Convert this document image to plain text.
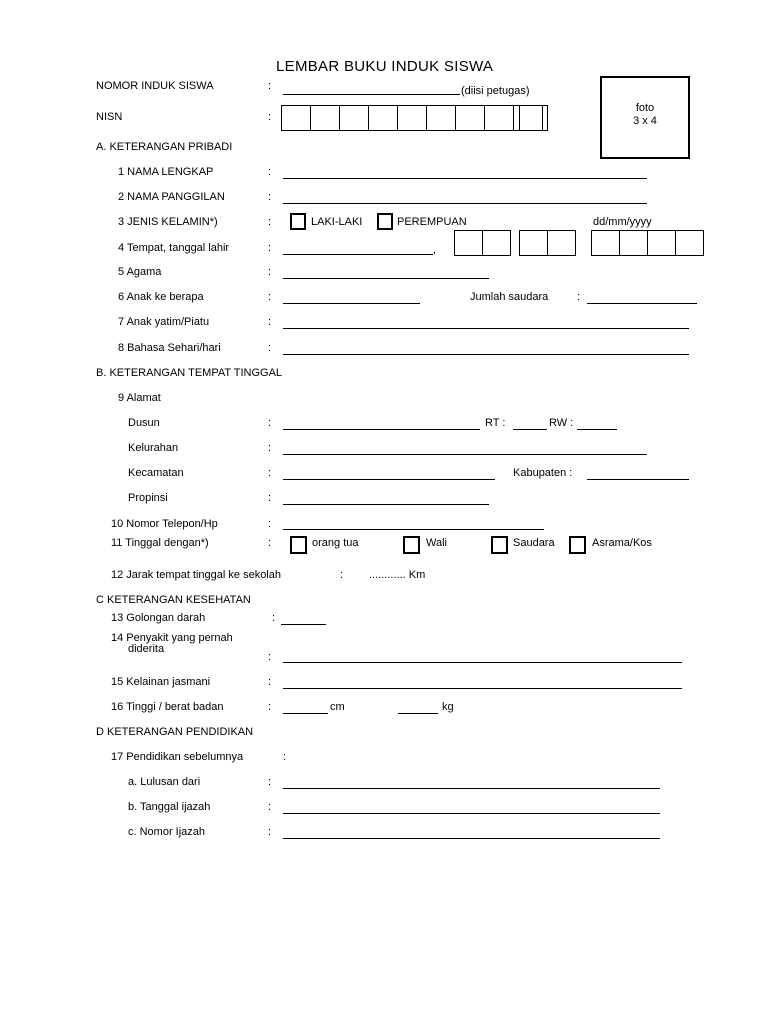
LEMBAR BUKU INDUK SISWA
NOMOR INDUK SISWA	:	(diisi petugas)
NISN	:
foto
3 x 4
A. KETERANGAN PRIBADI
1 NAMA LENGKAP	:
2 NAMA PANGGILAN	:
3 JENIS KELAMIN*)	:	LAKI-LAKI	PEREMPUAN	dd/mm/yyyy
4 Tempat, tanggal lahir	:	,
5 Agama	:
6 Anak ke berapa	:	Jumlah saudara	:
7 Anak yatim/Piatu	:
8 Bahasa Sehari/hari	:
B. KETERANGAN TEMPAT TINGGAL
9 Alamat
Dusun	:	RT :	RW :
Kelurahan	:
Kecamatan	:	Kabupaten :
Propinsi	:
10 Nomor Telepon/Hp	:
11 Tinggal dengan*)	:	orang tua	Wali	Saudara	Asrama/Kos
12 Jarak tempat tinggal ke sekolah	: ............ Km
C KETERANGAN KESEHATAN
13 Golongan darah	:
14 Penyakit yang pernah
diderita
:
15 Kelainan jasmani	:
16 Tinggi / berat badan	:	cm	kg
D KETERANGAN PENDIDIKAN
17 Pendidikan sebelumnya	:
a. Lulusan dari	:
b. Tanggal ijazah	:
c. Nomor Ijazah	:
